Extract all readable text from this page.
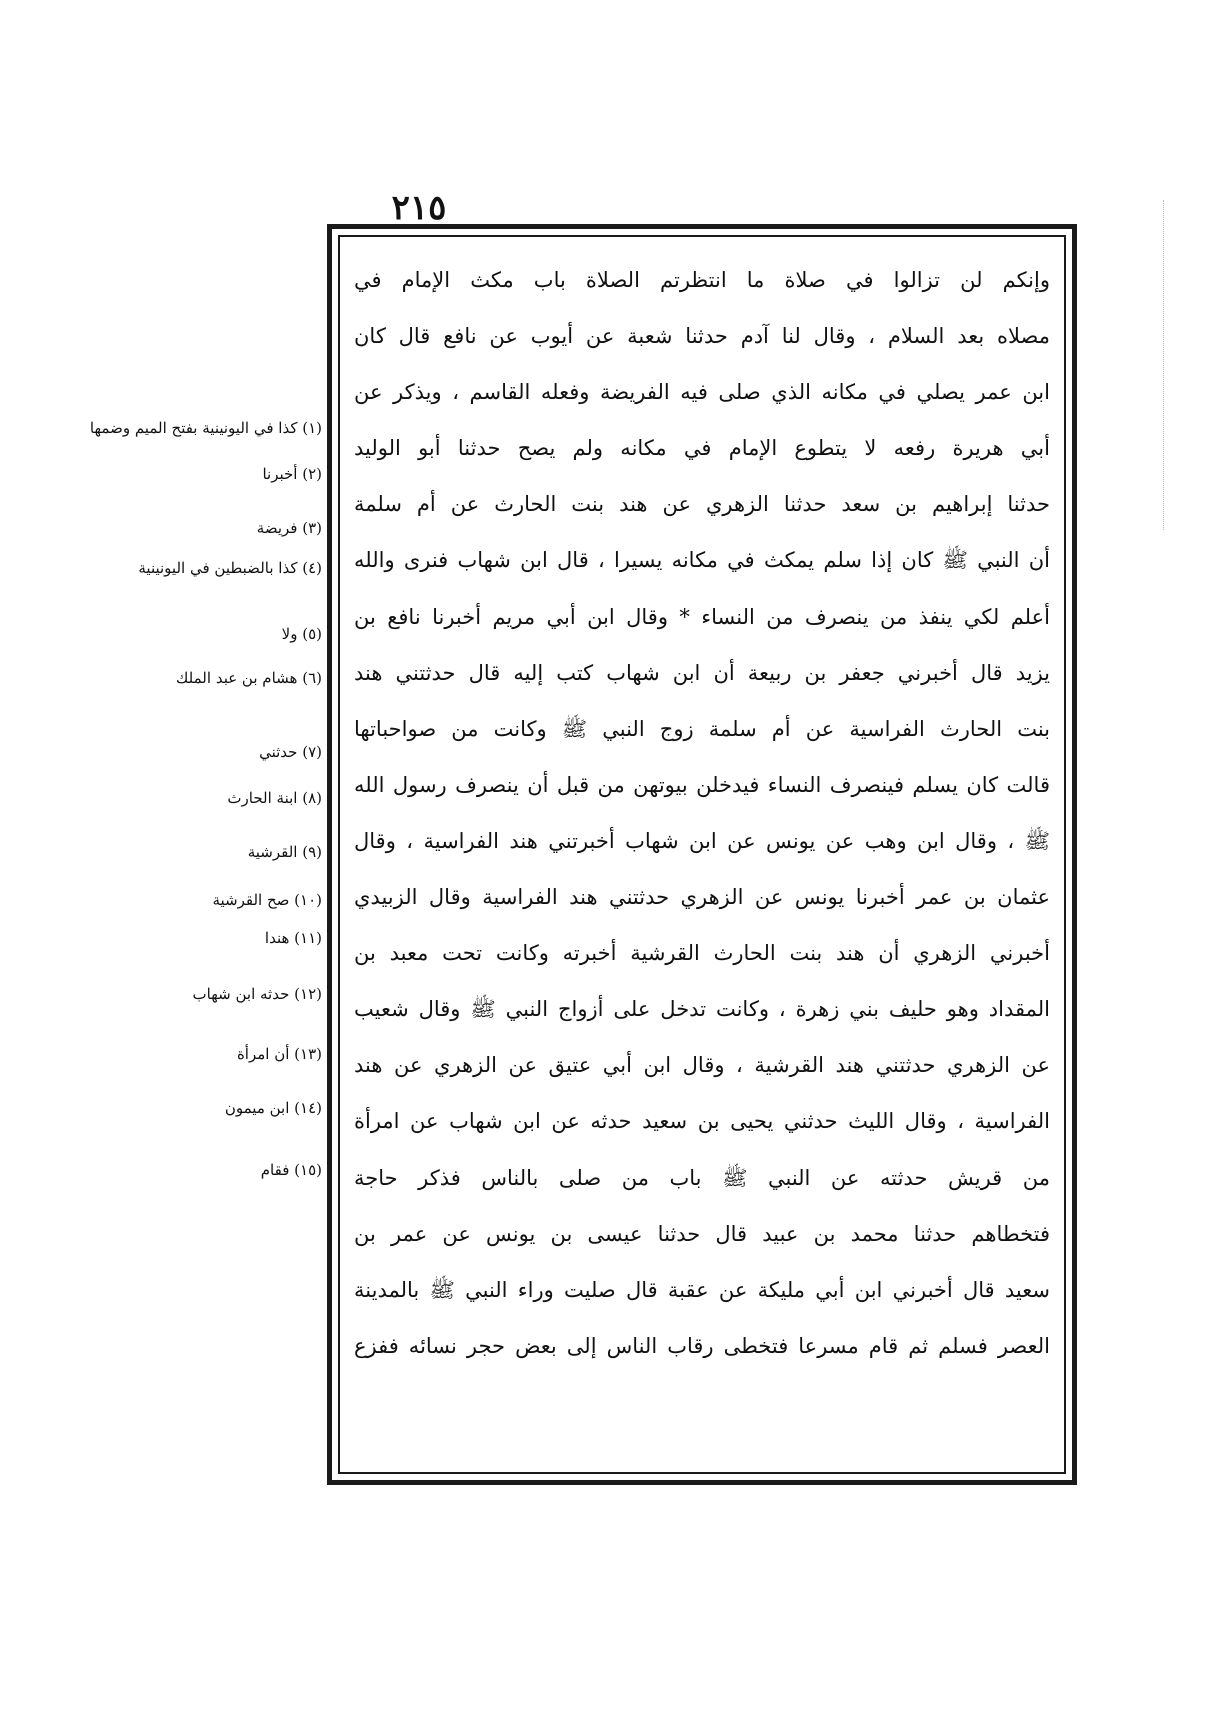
٢١٥
وإنكم لن تزالوا في صلاة ما انتظرتم الصلاة باب مكث الإمام في
مصلاه بعد السلام ، وقال لنا آدم حدثنا شعبة عن أيوب عن نافع قال كان
ابن عمر يصلي في مكانه الذي صلى فيه الفريضة وفعله القاسم ، ويذكر عن
أبي هريرة رفعه لا يتطوع الإمام في مكانه ولم يصح حدثنا أبو الوليد
حدثنا إبراهيم بن سعد حدثنا الزهري عن هند بنت الحارث عن أم سلمة
أن النبي ﷺ كان إذا سلم يمكث في مكانه يسيرا ، قال ابن شهاب فنرى والله
أعلم لكي ينفذ من ينصرف من النساء * وقال ابن أبي مريم أخبرنا نافع بن
يزيد قال أخبرني جعفر بن ربيعة أن ابن شهاب كتب إليه قال حدثتني هند
بنت الحارث الفراسية عن أم سلمة زوج النبي ﷺ وكانت من صواحباتها
قالت كان يسلم فينصرف النساء فيدخلن بيوتهن من قبل أن ينصرف رسول الله
ﷺ ، وقال ابن وهب عن يونس عن ابن شهاب أخبرتني هند الفراسية ، وقال
عثمان بن عمر أخبرنا يونس عن الزهري حدثتني هند الفراسية وقال الزبيدي
أخبرني الزهري أن هند بنت الحارث القرشية أخبرته وكانت تحت معبد بن
المقداد وهو حليف بني زهرة ، وكانت تدخل على أزواج النبي ﷺ وقال شعيب
عن الزهري حدثتني هند القرشية ، وقال ابن أبي عتيق عن الزهري عن هند
الفراسية ، وقال الليث حدثني يحيى بن سعيد حدثه عن ابن شهاب عن امرأة
من قريش حدثته عن النبي ﷺ باب من صلى بالناس فذكر حاجة
فتخطاهم حدثنا محمد بن عبيد قال حدثنا عيسى بن يونس عن عمر بن
سعيد قال أخبرني ابن أبي مليكة عن عقبة قال صليت وراء النبي ﷺ بالمدينة
العصر فسلم ثم قام مسرعا فتخطى رقاب الناس إلى بعض حجر نسائه ففزع
(١) كذا في اليونينية بفتح الميم وضمها
(٢) أخبرنا
(٣) فريضة
(٤) كذا بالضبطين في اليونينية
(٥) ولا
(٦) هشام بن عبد الملك
(٧) حدثني
(٨) ابنة الحارث
(٩) القرشية
(١٠) صح القرشية
(١١) هندا
(١٢) حدثه ابن شهاب
(١٣) أن امرأة
(١٤) ابن ميمون
(١٥) فقام
